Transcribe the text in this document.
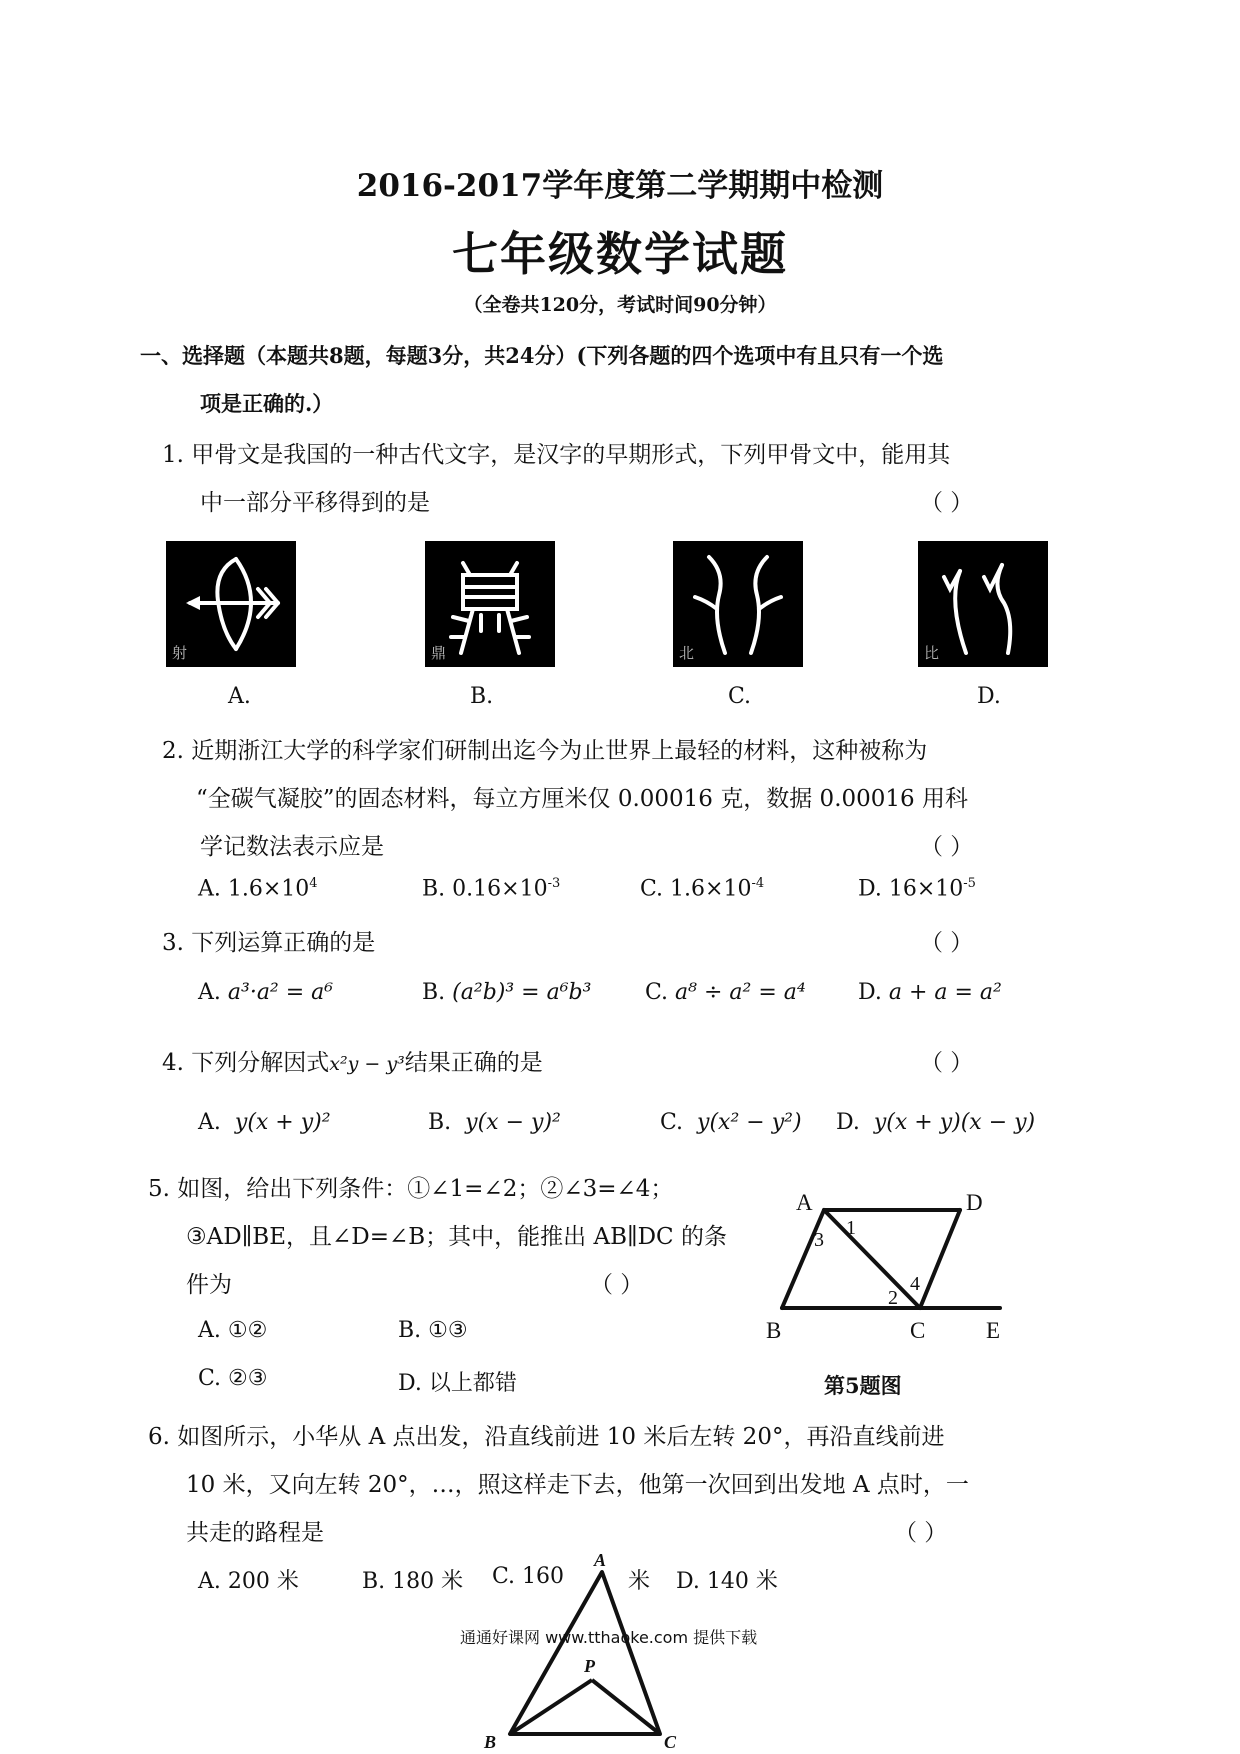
2016-2017学年度第二学期期中检测
七年级数学试题
（全卷共120分，考试时间90分钟）
一、选择题（本题共8题，每题3分，共24分）(下列各题的四个选项中有且只有一个选
项是正确的.）
1. 甲骨文是我国的一种古代文字，是汉字的早期形式，下列甲骨文中，能用其
中一部分平移得到的是	（ ）
射	鼎	北	比
A.	B.	C.	D.
2. 近期浙江大学的科学家们研制出迄今为止世界上最轻的材料，这种被称为
“全碳气凝胶”的固态材料，每立方厘米仅 0.00016 克，数据 0.00016 用科
学记数法表示应是	（ ）
A. $1.6\times 10^4$	B. $0.16\times 10^{-3}$	C. $1.6\times 10^{-4}$	D. $16\times 10^{-5}$
3. 下列运算正确的是	（ ）
A. a³·a² = a⁶	B. (a²b)³ = a⁶b³ C. a⁸ ÷ a² = a⁴ D. a + a = a²
4. 下列分解因式x²y − y³结果正确的是	（ ）
A. y(x + y)²	B. y(x − y)²	C. y(x² − y²) D. y(x + y)(x − y)
5. 如图，给出下列条件：①∠1=∠2；②∠3=∠4；
③AD∥BE，且∠D=∠B；其中，能推出 AB∥DC 的条
件为	（ ）
A. ①②	B. ①③
C. ②③	D. 以上都错
A	D
B	C	E
1
2
3
4
第5题图
6. 如图所示，小华从 A 点出发，沿直线前进 10 米后左转 20°，再沿直线前进
10 米，又向左转 20°，…，照这样走下去，他第一次回到出发地 A 点时，一
共走的路程是	（ ）
A. 200 米	B. 180 米 C. 160	米 D. 140 米
A
P
B	C
通通好课网 www.tthaoke.com 提供下载
